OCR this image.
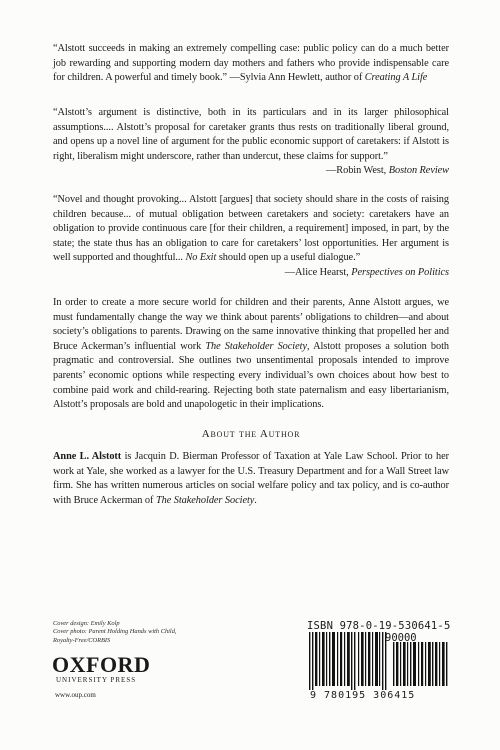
“Alstott succeeds in making an extremely compelling case: public policy can do a much better job rewarding and supporting modern day mothers and fathers who provide indispensable care for children. A powerful and timely book.” —Sylvia Ann Hewlett, author of Creating A Life
“Alstott’s argument is distinctive, both in its particulars and in its larger philosophical assumptions.... Alstott’s proposal for caretaker grants thus rests on traditionally liberal ground, and opens up a novel line of argument for the public economic support of caretakers: if Alstott is right, liberalism might underscore, rather than undercut, these claims for support.”
—Robin West, Boston Review
“Novel and thought provoking... Alstott [argues] that society should share in the costs of raising children because... of mutual obligation between caretakers and society: caretakers have an obligation to provide continuous care [for their children, a requirement] imposed, in part, by the state; the state thus has an obligation to care for caretakers’ lost opportunities. Her argument is well supported and thoughtful... No Exit should open up a useful dialogue.”
—Alice Hearst, Perspectives on Politics
In order to create a more secure world for children and their parents, Anne Alstott argues, we must fundamentally change the way we think about parents’ obligations to children—and about society’s obligations to parents. Drawing on the same innovative thinking that propelled her and Bruce Ackerman’s influential work The Stakeholder Society, Alstott proposes a solution both pragmatic and controversial. She outlines two unsentimental proposals intended to improve parents’ economic options while respecting every individual’s own choices about how best to combine paid work and child-rearing. Rejecting both state paternalism and easy libertarianism, Alstott’s proposals are bold and unapologetic in their implications.
About the Author
Anne L. Alstott is Jacquin D. Bierman Professor of Taxation at Yale Law School. Prior to her work at Yale, she worked as a lawyer for the U.S. Treasury Department and for a Wall Street law firm. She has written numerous articles on social welfare policy and tax policy, and is co-author with Bruce Ackerman of The Stakeholder Society.
Cover design: Emily Kolp
Cover photo: Parent Holding Hands with Child,
Royalty-Free/CORBIS
OXFORD
UNIVERSITY PRESS
www.oup.com
ISBN 978-0-19-530641-5
90000
9 780195 306415
